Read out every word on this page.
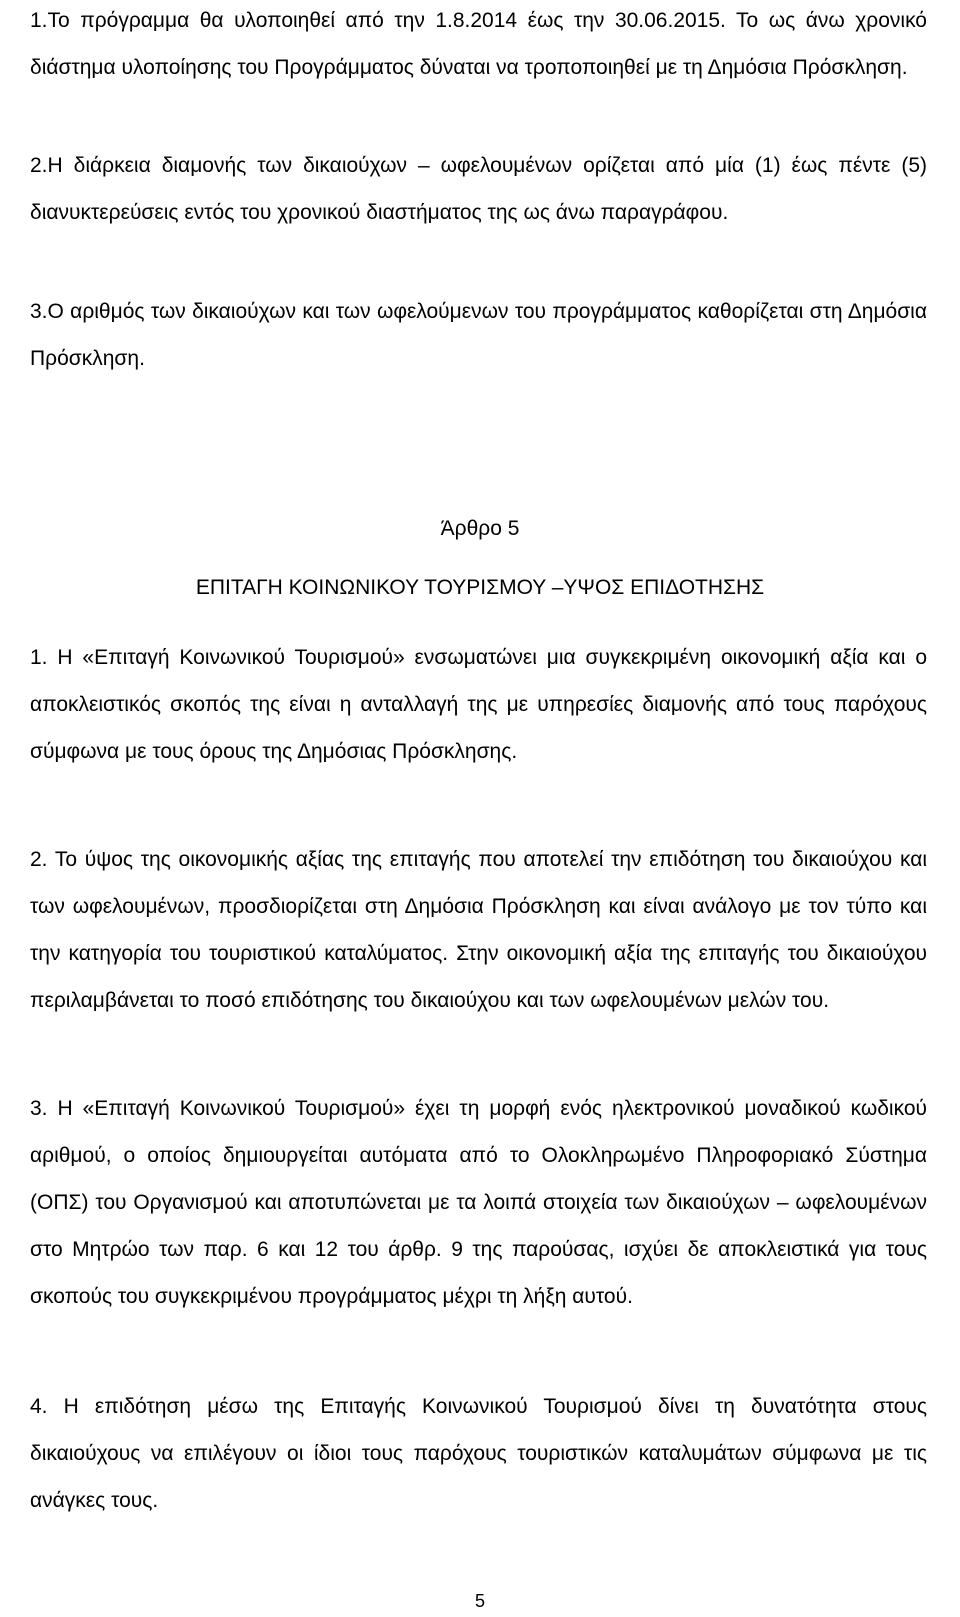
1.Το πρόγραμμα θα υλοποιηθεί από την 1.8.2014 έως την 30.06.2015. Το ως άνω χρονικό διάστημα υλοποίησης του Προγράμματος δύναται να τροποποιηθεί με τη Δημόσια Πρόσκληση.

2.Η διάρκεια διαμονής των δικαιούχων – ωφελουμένων ορίζεται από μία (1) έως πέντε (5) διανυκτερεύσεις εντός του χρονικού διαστήματος της ως άνω παραγράφου.

3.Ο αριθμός των δικαιούχων και των ωφελούμενων του προγράμματος καθορίζεται στη Δημόσια Πρόσκληση.

Άρθρο 5

ΕΠΙΤΑΓΗ ΚΟΙΝΩΝΙΚΟΥ ΤΟΥΡΙΣΜΟΥ –ΥΨΟΣ ΕΠΙΔΟΤΗΣΗΣ

1. Η «Επιταγή Κοινωνικού Τουρισμού» ενσωματώνει μια συγκεκριμένη οικονομική αξία και ο αποκλειστικός σκοπός της είναι η ανταλλαγή της με υπηρεσίες διαμονής από τους παρόχους σύμφωνα με τους όρους της Δημόσιας Πρόσκλησης.

2. Το ύψος της οικονομικής αξίας της επιταγής που αποτελεί την επιδότηση του δικαιούχου και των ωφελουμένων, προσδιορίζεται στη Δημόσια Πρόσκληση και είναι ανάλογο με τον τύπο και την κατηγορία του τουριστικού καταλύματος. Στην οικονομική αξία της επιταγής του δικαιούχου περιλαμβάνεται το ποσό επιδότησης του δικαιούχου και των ωφελουμένων μελών του.

3. Η «Επιταγή Κοινωνικού Τουρισμού» έχει τη μορφή ενός ηλεκτρονικού μοναδικού κωδικού αριθμού, ο οποίος δημιουργείται αυτόματα από το Ολοκληρωμένο Πληροφοριακό Σύστημα (ΟΠΣ) του Οργανισμού και αποτυπώνεται με τα λοιπά στοιχεία των δικαιούχων – ωφελουμένων στο Μητρώο των παρ. 6 και 12 του άρθρ. 9 της παρούσας, ισχύει δε αποκλειστικά για τους σκοπούς του συγκεκριμένου προγράμματος μέχρι τη λήξη αυτού.

4. Η επιδότηση μέσω της Επιταγής Κοινωνικού Τουρισμού δίνει τη δυνατότητα στους δικαιούχους να επιλέγουν οι ίδιοι τους παρόχους τουριστικών καταλυμάτων σύμφωνα με τις ανάγκες τους.

5
